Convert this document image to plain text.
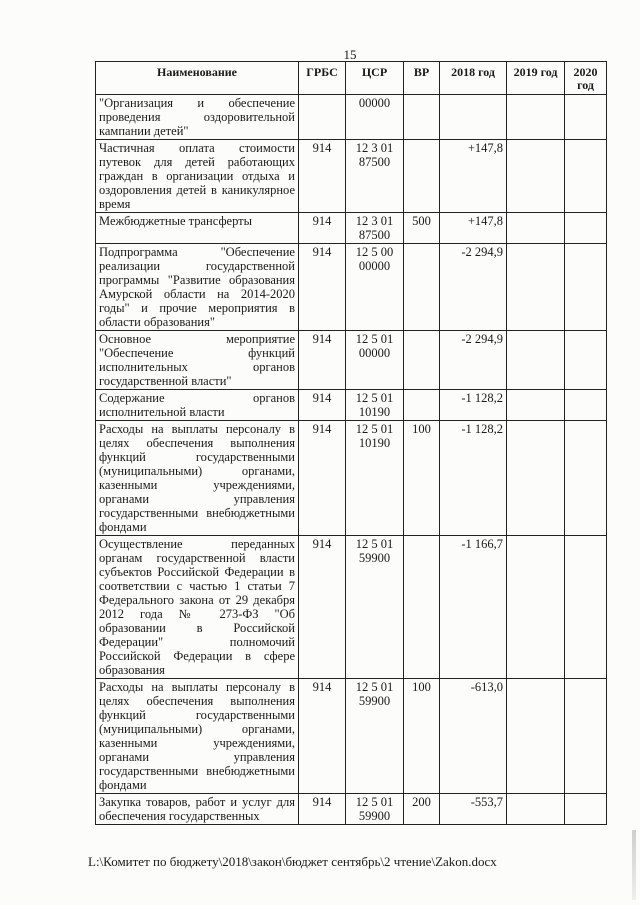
15
Наименование	ГРБС	ЦСР	ВР	2018 год	2019 год	2020 год
"Организация и обеспечение проведения оздоровительной кампании детей"		00000				
Частичная оплата стоимости путевок для детей работающих граждан в организации отдыха и оздоровления детей в каникулярное время	914	12 3 01 87500		+147,8		
Межбюджетные трансферты	914	12 3 01 87500	500	+147,8		
Подпрограмма "Обеспечение реализации государственной программы "Развитие образования Амурской области на 2014-2020 годы" и прочие мероприятия в области образования"	914	12 5 00 00000		-2 294,9		
Основное мероприятие "Обеспечение функций исполнительных органов государственной власти"	914	12 5 01 00000		-2 294,9		
Содержание органов исполнительной власти	914	12 5 01 10190		-1 128,2		
Расходы на выплаты персоналу в целях обеспечения выполнения функций государственными (муниципальными) органами, казенными учреждениями, органами управления государственными внебюджетными фондами	914	12 5 01 10190	100	-1 128,2		
Осуществление переданных органам государственной власти субъектов Российской Федерации в соответствии с частью 1 статьи 7 Федерального закона от 29 декабря 2012 года № 273-ФЗ "Об образовании в Российской Федерации" полномочий Российской Федерации в сфере образования	914	12 5 01 59900		-1 166,7		
Расходы на выплаты персоналу в целях обеспечения выполнения функций государственными (муниципальными) органами, казенными учреждениями, органами управления государственными внебюджетными фондами	914	12 5 01 59900	100	-613,0		
Закупка товаров, работ и услуг для обеспечения государственных	914	12 5 01 59900	200	-553,7		
L:\Комитет по бюджету\2018\закон\бюджет сентябрь\2 чтение\Zakon.docx
